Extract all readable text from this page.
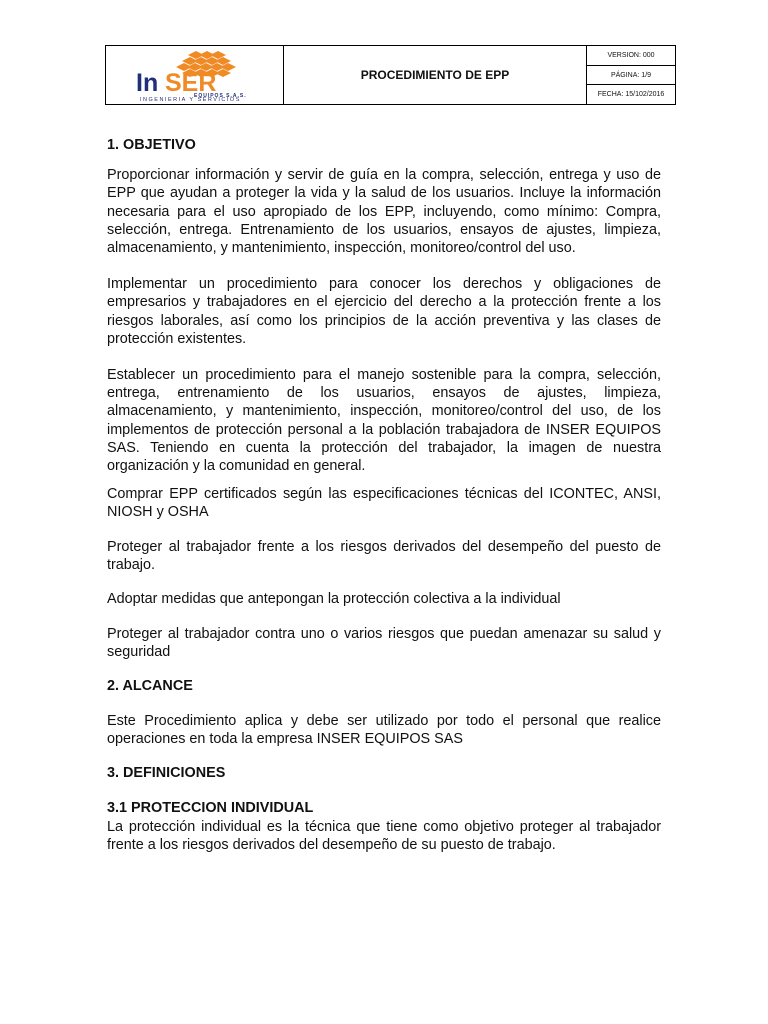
In SER
EQUIPOS S.A.S.
INGENIERIA Y SERVICIOS
PROCEDIMIENTO DE EPP
VERSION: 000
PÁGINA: 1/9
FECHA: 15/102/2016
1. OBJETIVO
Proporcionar información y servir de guía en la compra, selección, entrega y uso de EPP que ayudan a proteger la vida y la salud de los usuarios. Incluye la información necesaria para el uso apropiado de los EPP, incluyendo, como mínimo: Compra, selección, entrega. Entrenamiento de los usuarios, ensayos de ajustes, limpieza, almacenamiento, y mantenimiento, inspección, monitoreo/control del uso.
Implementar un procedimiento para conocer los derechos y obligaciones de empresarios y trabajadores en el ejercicio del derecho a la protección frente a los riesgos laborales, así como los principios de la acción preventiva y las clases de protección existentes.
Establecer un procedimiento para el manejo sostenible para la compra, selección, entrega, entrenamiento de los usuarios, ensayos de ajustes, limpieza, almacenamiento, y mantenimiento, inspección, monitoreo/control del uso, de los implementos de protección personal a la población trabajadora de INSER EQUIPOS SAS. Teniendo en cuenta la protección del trabajador, la imagen de nuestra organización y la comunidad en general.
Comprar EPP certificados según las especificaciones técnicas del ICONTEC, ANSI, NIOSH y OSHA
Proteger al trabajador frente a los riesgos derivados del desempeño del puesto de trabajo.
Adoptar medidas que antepongan la protección colectiva a la individual
Proteger al trabajador contra uno o varios riesgos que puedan amenazar su salud y seguridad
2. ALCANCE
Este Procedimiento aplica y debe ser utilizado por todo el personal que realice operaciones en toda la empresa INSER EQUIPOS SAS
3. DEFINICIONES
3.1 PROTECCION INDIVIDUAL
La protección individual es la técnica que tiene como objetivo proteger al trabajador frente a los riesgos derivados del desempeño de su puesto de trabajo.
